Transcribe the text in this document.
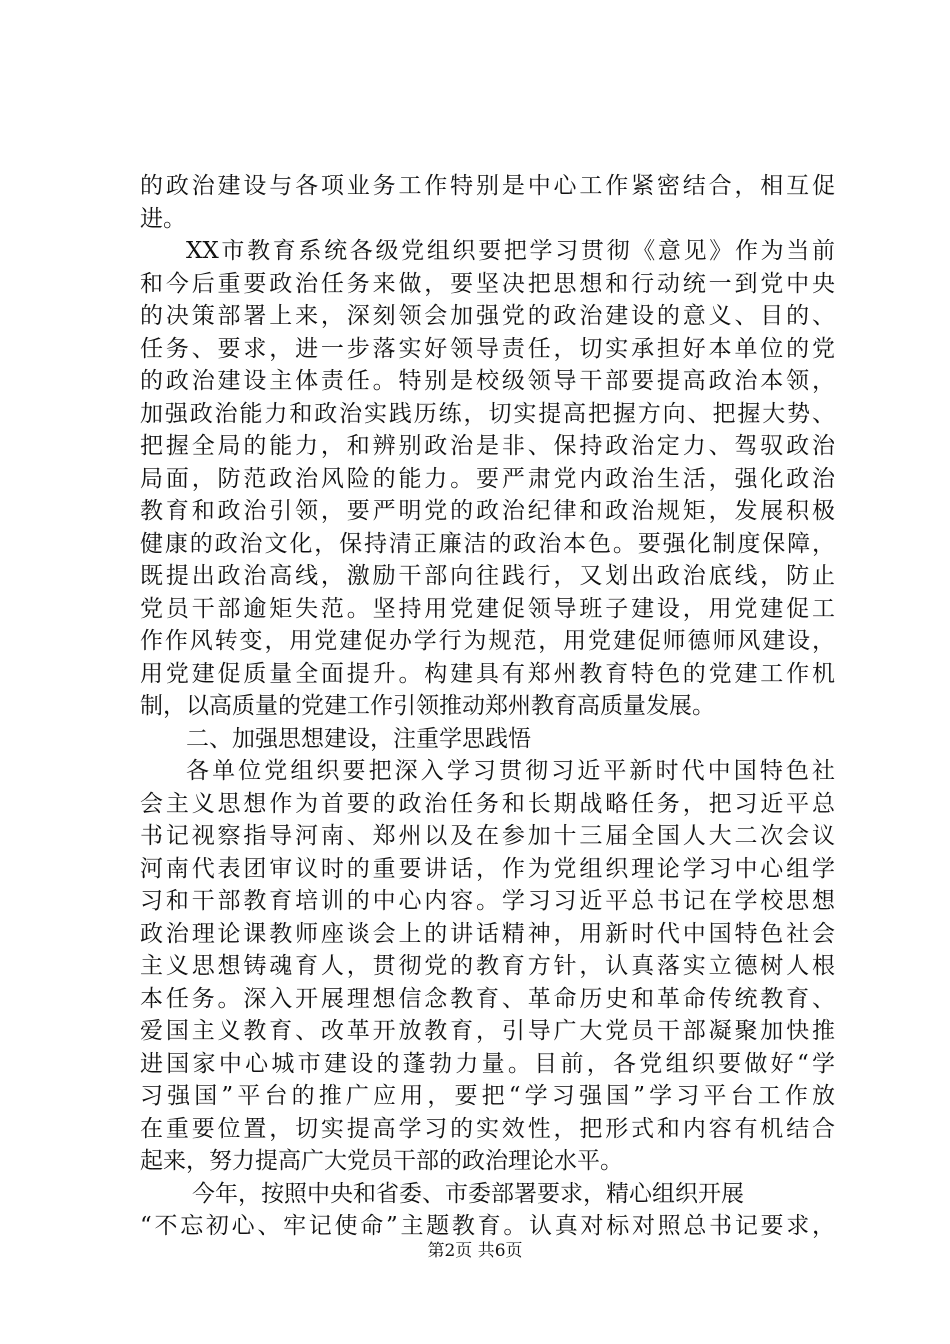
的政治建设与各项业务工作特别是中心工作紧密结合，相互促
进。
XX市教育系统各级党组织要把学习贯彻《意见》作为当前
和今后重要政治任务来做，要坚决把思想和行动统一到党中央
的决策部署上来，深刻领会加强党的政治建设的意义、目的、
任务、要求，进一步落实好领导责任，切实承担好本单位的党
的政治建设主体责任。特别是校级领导干部要提高政治本领，
加强政治能力和政治实践历练，切实提高把握方向、把握大势、
把握全局的能力，和辨别政治是非、保持政治定力、驾驭政治
局面，防范政治风险的能力。要严肃党内政治生活，强化政治
教育和政治引领，要严明党的政治纪律和政治规矩，发展积极
健康的政治文化，保持清正廉洁的政治本色。要强化制度保障，
既提出政治高线，激励干部向往践行，又划出政治底线，防止
党员干部逾矩失范。坚持用党建促领导班子建设，用党建促工
作作风转变，用党建促办学行为规范，用党建促师德师风建设，
用党建促质量全面提升。构建具有郑州教育特色的党建工作机
制，以高质量的党建工作引领推动郑州教育高质量发展。
二、加强思想建设，注重学思践悟
各单位党组织要把深入学习贯彻习近平新时代中国特色社
会主义思想作为首要的政治任务和长期战略任务，把习近平总
书记视察指导河南、郑州以及在参加十三届全国人大二次会议
河南代表团审议时的重要讲话，作为党组织理论学习中心组学
习和干部教育培训的中心内容。学习习近平总书记在学校思想
政治理论课教师座谈会上的讲话精神，用新时代中国特色社会
主义思想铸魂育人，贯彻党的教育方针，认真落实立德树人根
本任务。深入开展理想信念教育、革命历史和革命传统教育、
爱国主义教育、改革开放教育，引导广大党员干部凝聚加快推
进国家中心城市建设的蓬勃力量。目前，各党组织要做好“学
习强国”平台的推广应用，要把“学习强国”学习平台工作放
在重要位置，切实提高学习的实效性，把形式和内容有机结合
起来，努力提高广大党员干部的政治理论水平。
今年，按照中央和省委、市委部署要求，精心组织开展
“不忘初心、牢记使命”主题教育。认真对标对照总书记要求，
第2页 共6页
